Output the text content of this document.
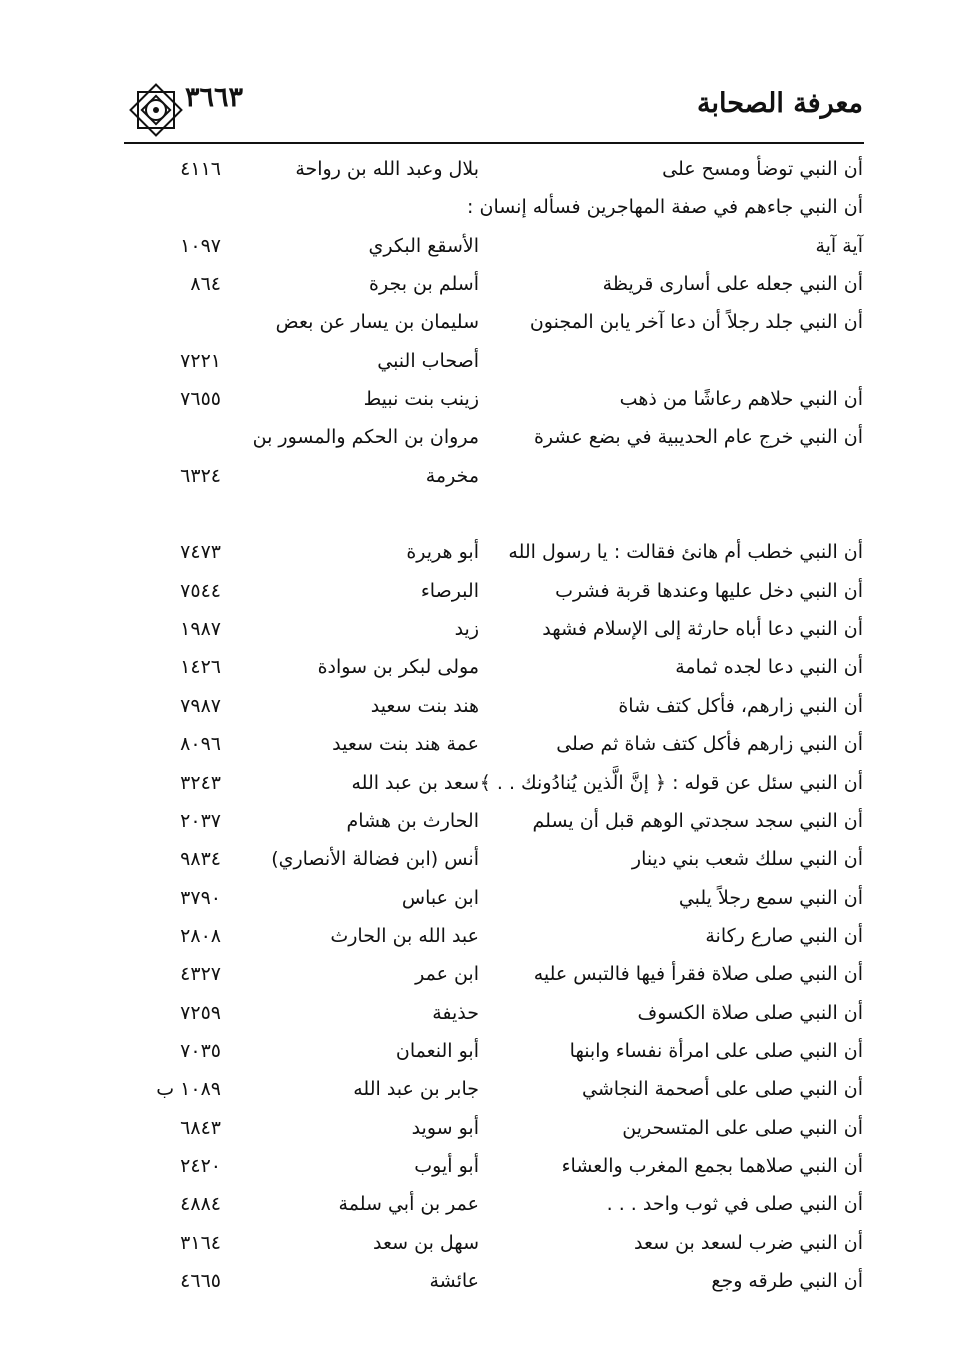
٣٦٦٣	معرفة الصحابة
أن النبي توضأ ومسح على
بلال وعبد الله بن رواحة
٤١١٦
أن النبي جاءهم في صفة المهاجرين فسأله إنسان :
آية آية
الأسقع البكري
١٠٩٧
أن النبي جعله على أسارى قريظة
أسلم بن بجرة
٨٦٤
أن النبي جلد رجلاً أن دعا آخر يابن المجنون
سليمان بن يسار عن بعض
أصحاب النبي
٧٢٢١
أن النبي حلاهم رعاشًا من ذهب
زينب بنت نبيط
٧٦٥٥
أن النبي خرج عام الحديبية في بضع عشرة
مروان بن الحكم والمسور بن
مخرمة
٦٣٢٤
أن النبي خطب أم هانئ فقالت : يا رسول الله
أبو هريرة
٧٤٧٣
أن النبي دخل عليها وعندها قربة فشرب
البرصاء
٧٥٤٤
أن النبي دعا أباه حارثة إلى الإسلام فشهد
زيد
١٩٨٧
أن النبي دعا لجده ثمامة
مولى لبكر بن سوادة
١٤٢٦
أن النبي زارهم، فأكل كتف شاة
هند بنت سعيد
٧٩٨٧
أن النبي زارهم فأكل كتف شاة ثم صلى
عمة هند بنت سعيد
٨٠٩٦
أن النبي سئل عن قوله : ﴿ إنَّ الَّذين يُنادُونك . . ﴾
سعد بن عبد الله
٣٢٤٣
أن النبي سجد سجدتي الوهم قبل أن يسلم
الحارث بن هشام
٢٠٣٧
أن النبي سلك شعب بني دينار
أنس (ابن فضالة الأنصاري)
٩٨٣٤
أن النبي سمع رجلاً يلبي
ابن عباس
٣٧٩٠
أن النبي صارع ركانة
عبد الله بن الحارث
٢٨٠٨
أن النبي صلى صلاة فقرأ فيها فالتبس عليه
ابن عمر
٤٣٢٧
أن النبي صلى صلاة الكسوف
حذيفة
٧٢٥٩
أن النبي صلى على امرأة نفساء وابنها
أبو النعمان
٧٠٣٥
أن النبي صلى على أصحمة النجاشي
جابر بن عبد الله
١٠٨٩ ب
أن النبي صلى على المتسحرين
أبو سويد
٦٨٤٣
أن النبي صلاهما بجمع المغرب والعشاء
أبو أيوب
٢٤٢٠
أن النبي صلى في ثوب واحد . . .
عمر بن أبي سلمة
٤٨٨٤
أن النبي ضرب لسعد بن سعد
سهل بن سعد
٣١٦٤
أن النبي طرقه وجع
عائشة
٤٦٦٥
